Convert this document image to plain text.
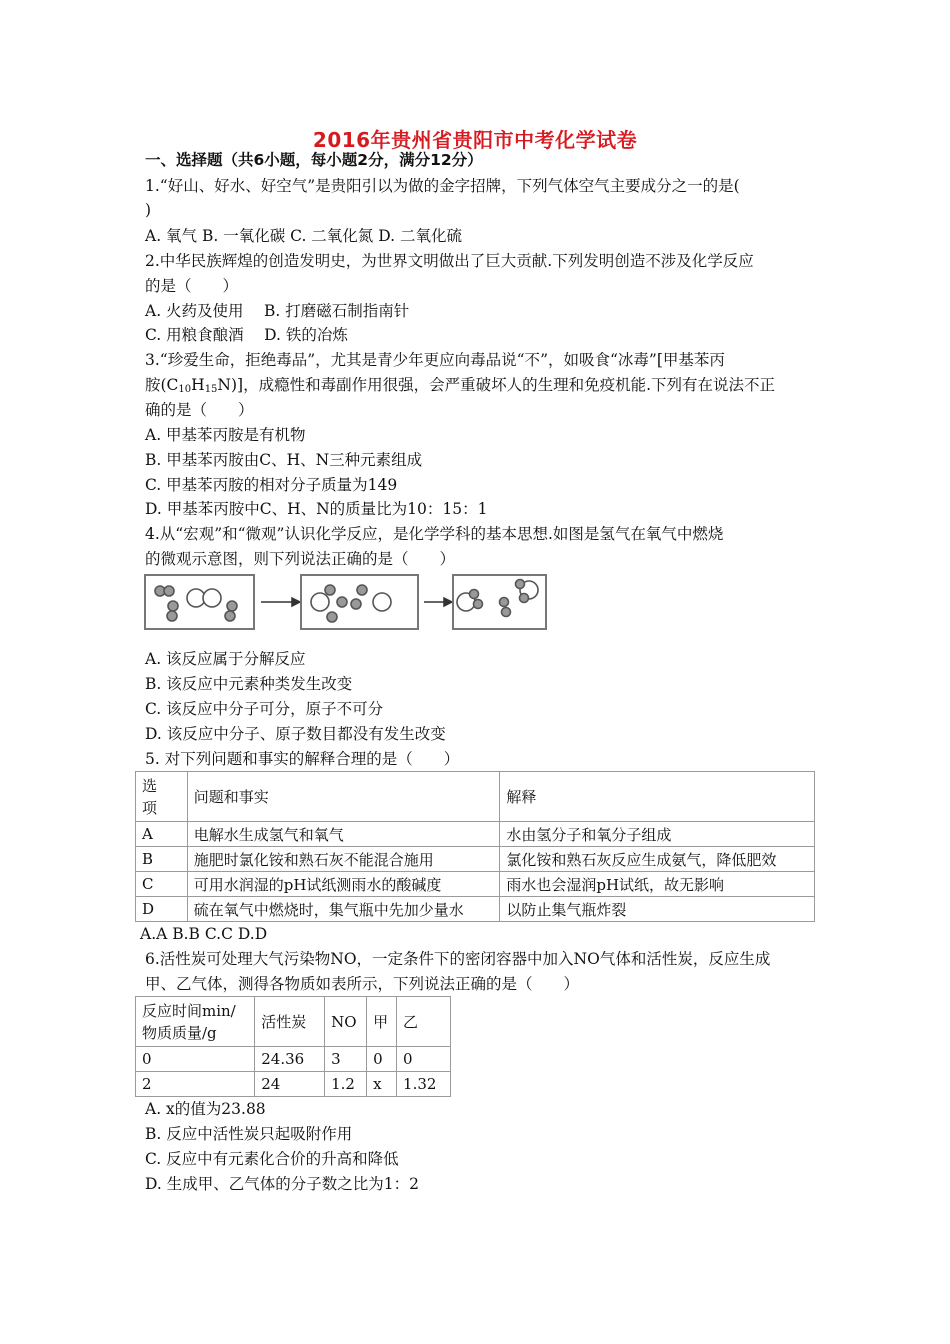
2016年贵州省贵阳市中考化学试卷
一、选择题（共6小题，每小题2分，满分12分）
1.“好山、好水、好空气”是贵阳引以为做的金字招牌，下列气体空气主要成分之一的是(
)
A. 氧气 B. 一氧化碳 C. 二氧化氮 D. 二氧化硫
2.中华民族辉煌的创造发明史，为世界文明做出了巨大贡献.下列发明创造不涉及化学反应
的是（　　）
A. 火药及使用　 B. 打磨磁石制指南针
C. 用粮食酿酒　 D. 铁的冶炼
3.“珍爱生命，拒绝毒品”，尤其是青少年更应向毒品说“不”，如吸食“冰毒”[甲基苯丙
胺$(C_{10}H_{15}N)$]，成瘾性和毒副作用很强，会严重破坏人的生理和免疫机能.下列有在说法不正
确的是（　　）
A. 甲基苯丙胺是有机物
B. 甲基苯丙胺由C、H、N三种元素组成
C. 甲基苯丙胺的相对分子质量为149
D. 甲基苯丙胺中C、H、N的质量比为10：15：1
4.从“宏观”和“微观”认识化学反应，是化学学科的基本思想.如图是氢气在氧气中燃烧
的微观示意图，则下列说法正确的是（　　）
A. 该反应属于分解反应
B. 该反应中元素种类发生改变
C. 该反应中分子可分，原子不可分
D. 该反应中分子、原子数目都没有发生改变
5. 对下列问题和事实的解释合理的是（　　）
选
项	问题和事实	解释
A	电解水生成氢气和氧气	水由氢分子和氧分子组成
B	施肥时氯化铵和熟石灰不能混合施用	氯化铵和熟石灰反应生成氨气，降低肥效
C	可用水润湿的pH试纸测雨水的酸碱度	雨水也会湿润pH试纸，故无影响
D	硫在氧气中燃烧时，集气瓶中先加少量水	以防止集气瓶炸裂
A.A B.B C.C D.D
6.活性炭可处理大气污染物NO，一定条件下的密闭容器中加入NO气体和活性炭，反应生成
甲、乙气体，测得各物质如表所示，下列说法正确的是（　　）
反应时间min/
物质质量/g	活性炭	NO	甲	乙
0	24.36	3	0	0
2	24	1.2	x	1.32
A. x的值为23.88
B. 反应中活性炭只起吸附作用
C. 反应中有元素化合价的升高和降低
D. 生成甲、乙气体的分子数之比为1：2
